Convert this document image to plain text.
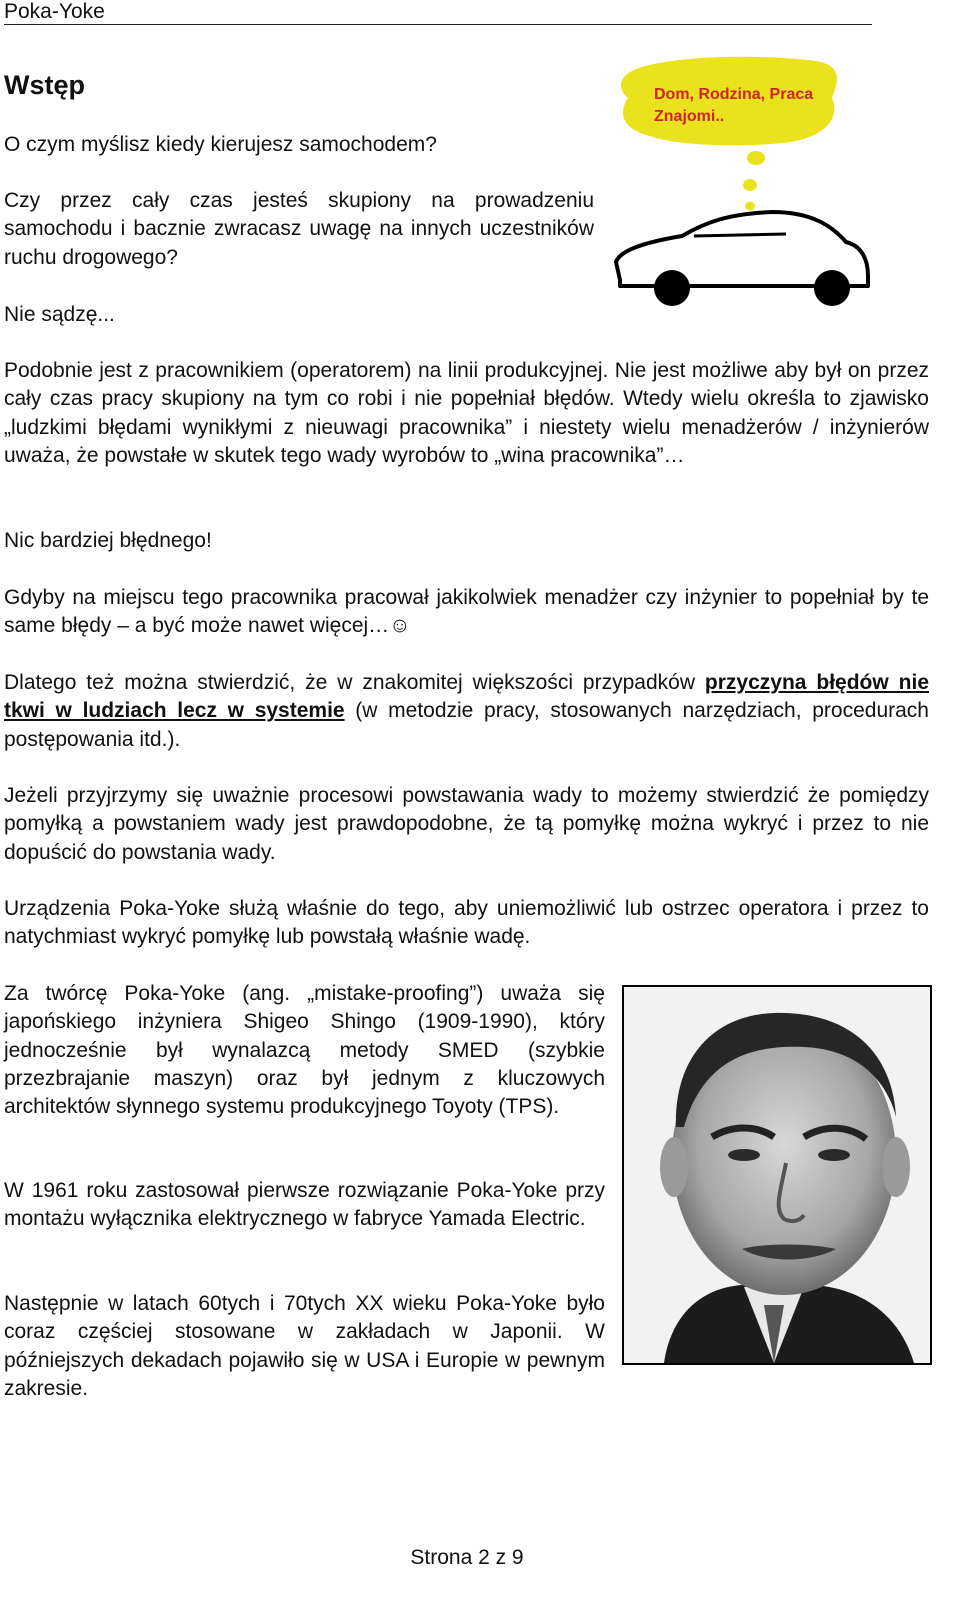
Poka-Yoke
Wstęp

O czym myślisz kiedy kierujesz samochodem?

Czy przez cały czas jesteś skupiony na prowadzeniu samochodu i bacznie zwracasz uwagę na innych uczestników ruchu drogowego?

Nie sądzę...

Dom, Rodzina, Praca
Znajomi..

Podobnie jest z pracownikiem (operatorem) na linii produkcyjnej. Nie jest możliwe aby był on przez cały czas pracy skupiony na tym co robi i nie popełniał błędów. Wtedy wielu określa to zjawisko „ludzkimi błędami wynikłymi z nieuwagi pracownika” i niestety wielu menadżerów / inżynierów uważa, że powstałe w skutek tego wady wyrobów to „wina pracownika”…

Nic bardziej błędnego!

Gdyby na miejscu tego pracownika pracował jakikolwiek menadżer czy inżynier to popełniał by te same błędy – a być może nawet więcej…☺

Dlatego też można stwierdzić, że w znakomitej większości przypadków przyczyna błędów nie tkwi w ludziach lecz w systemie (w metodzie pracy, stosowanych narzędziach, procedurach postępowania itd.).

Jeżeli przyjrzymy się uważnie procesowi powstawania wady to możemy stwierdzić że pomiędzy pomyłką a powstaniem wady jest prawdopodobne, że tą pomyłkę można wykryć i przez to nie dopuścić do powstania wady.

Urządzenia Poka-Yoke służą właśnie do tego, aby uniemożliwić lub ostrzec operatora i przez to natychmiast wykryć pomyłkę lub powstałą właśnie wadę.

Za twórcę Poka-Yoke (ang. „mistake-proofing”) uważa się japońskiego inżyniera Shigeo Shingo (1909-1990), który jednocześnie był wynalazcą metody SMED (szybkie przezbrajanie maszyn) oraz był jednym z kluczowych architektów słynnego systemu produkcyjnego Toyoty (TPS).

W 1961 roku zastosował pierwsze rozwiązanie Poka-Yoke przy montażu wyłącznika elektrycznego w fabryce Yamada Electric.

Następnie w latach 60tych i 70tych XX wieku Poka-Yoke było coraz częściej stosowane w zakładach w Japonii. W późniejszych dekadach pojawiło się w USA i Europie w pewnym zakresie.

Strona 2 z 9
